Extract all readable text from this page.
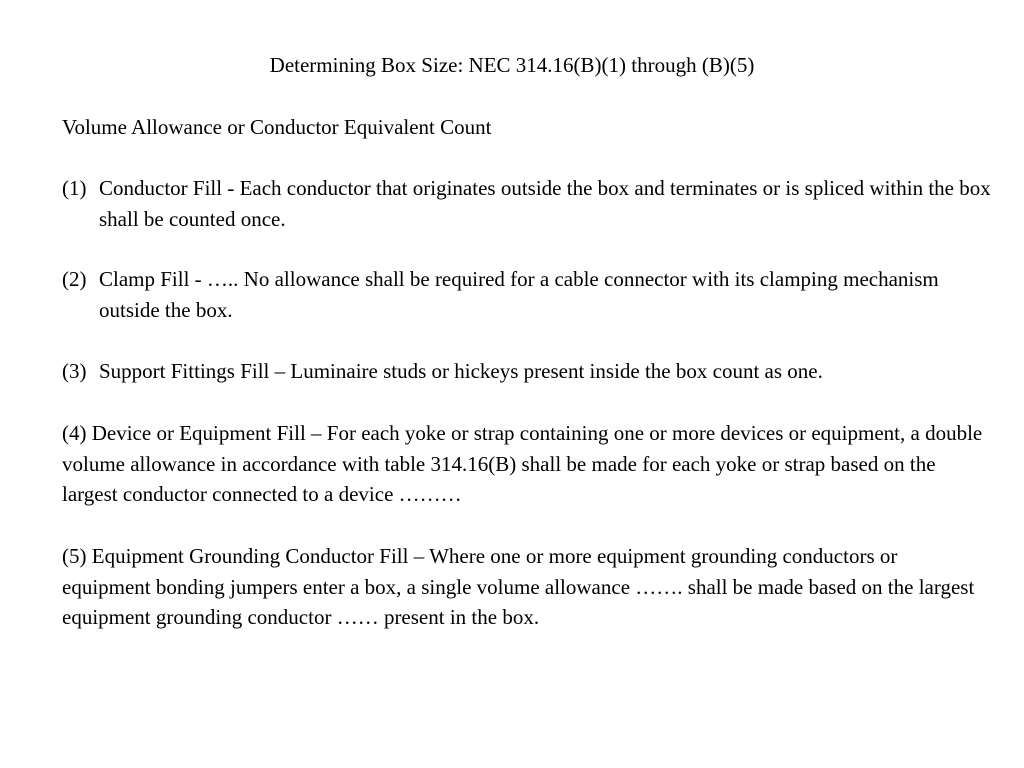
Determining Box Size: NEC 314.16(B)(1) through (B)(5)
Volume Allowance or Conductor Equivalent Count
(1) Conductor Fill - Each conductor that originates outside the box and terminates or is spliced within the box shall be counted once.
(2) Clamp Fill - ….. No allowance shall be required for a cable connector with its clamping mechanism outside the box.
(3) Support Fittings Fill – Luminaire studs or hickeys present inside the box count as one.
(4) Device or Equipment Fill – For each yoke or strap containing one or more devices or equipment, a double volume allowance in accordance with table 314.16(B) shall be made for each yoke or strap based on the largest conductor connected to a device ………
(5) Equipment Grounding Conductor Fill – Where one or more equipment grounding conductors or equipment bonding jumpers enter a box, a single volume allowance ……. shall be made based on the largest equipment grounding conductor …… present in the box.
